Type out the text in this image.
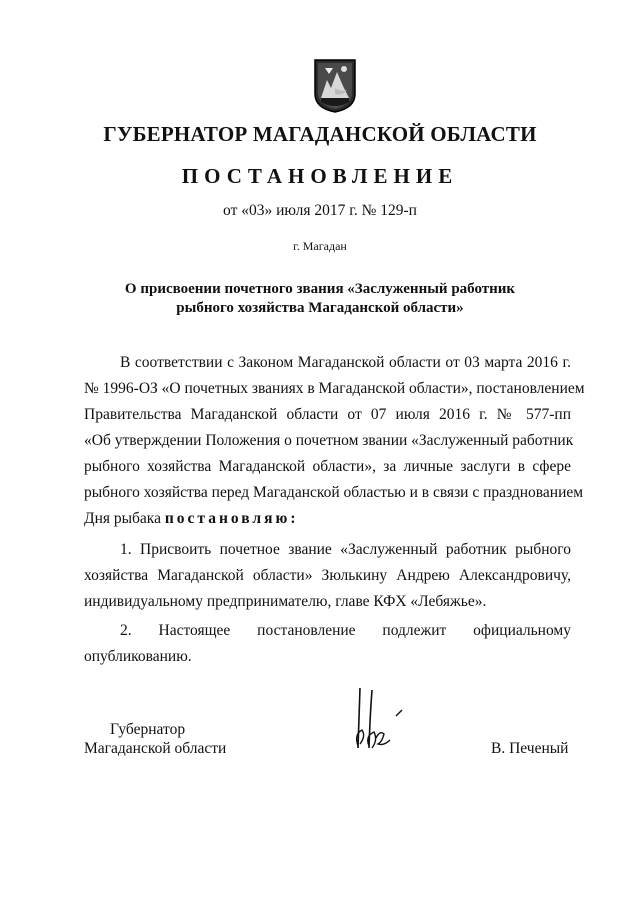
ГУБЕРНАТОР МАГАДАНСКОЙ ОБЛАСТИ
ПОСТАНОВЛЕНИЕ
от «03» июля 2017 г. № 129-п
г. Магадан
О присвоении почетного звания «Заслуженный работник
рыбного хозяйства Магаданской области»
В соответствии с Законом Магаданской области от 03 марта 2016 г.
№ 1996-ОЗ «О почетных званиях в Магаданской области», постановлением
Правительства Магаданской области от 07 июля 2016 г. № 577-пп
«Об утверждении Положения о почетном звании «Заслуженный работник
рыбного хозяйства Магаданской области», за личные заслуги в сфере
рыбного хозяйства перед Магаданской областью и в связи с празднованием
Дня рыбака постановляю:
1. Присвоить почетное звание «Заслуженный работник рыбного
хозяйства Магаданской области» Зюлькину Андрею Александровичу,
индивидуальному предпринимателю, главе КФХ «Лебяжье».
2. Настоящее постановление подлежит официальному
опубликованию.
Губернатор
Магаданской области	В. Печеный
